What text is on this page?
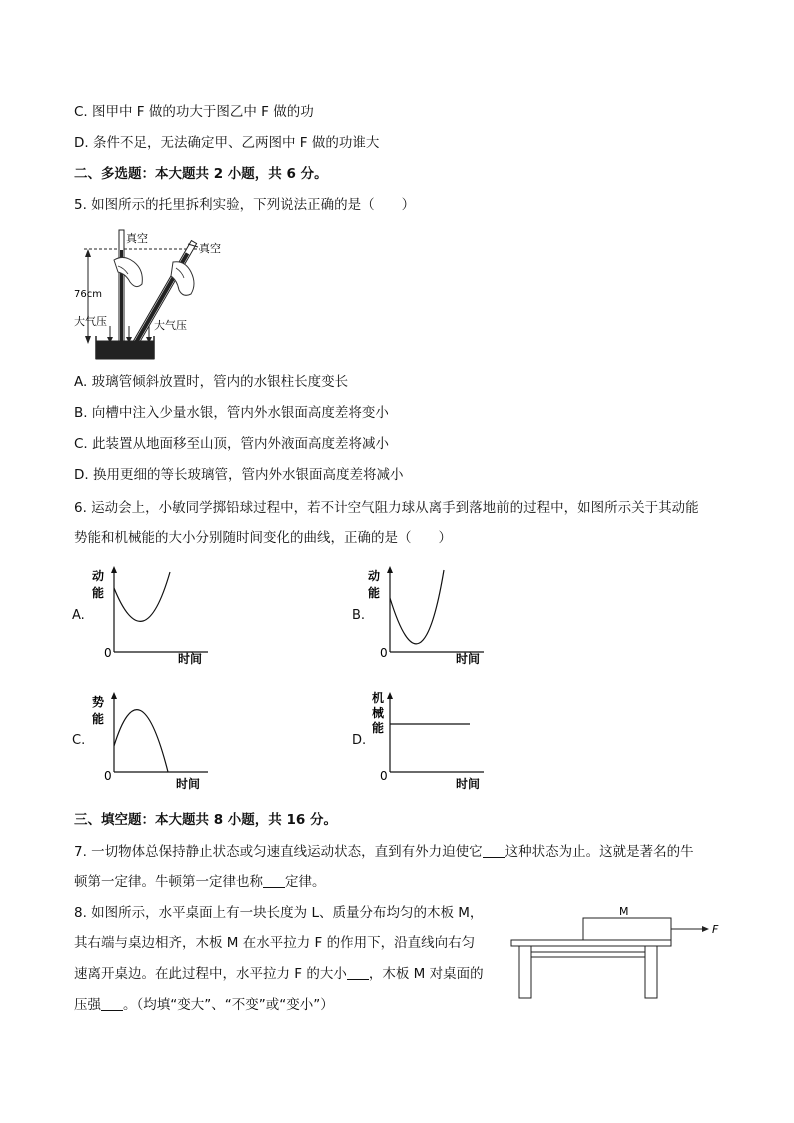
C. 图甲中 F 做的功大于图乙中 F 做的功
D. 条件不足，无法确定甲、乙两图中 F 做的功谁大
二、多选题：本大题共 2 小题，共 6 分。
5. 如图所示的托里拆利实验，下列说法正确的是（　　）
76cm
真空
真空
大气压	大气压
A. 玻璃管倾斜放置时，管内的水银柱长度变长
B. 向槽中注入少量水银，管内外水银面高度差将变小
C. 此装置从地面移至山顶，管内外液面高度差将减小
D. 换用更细的等长玻璃管，管内外水银面高度差将减小
6. 运动会上，小敏同学掷铅球过程中，若不计空气阻力球从离手到落地前的过程中，如图所示关于其动能
势能和机械能的大小分别随时间变化的曲线，正确的是（　　）
A.
动
能
0	时间
B.
动
能
0	时间
C.
势
能
0
时间
D.
机
械
能
0
时间
三、填空题：本大题共 8 小题，共 16 分。
7. 一切物体总保持静止状态或匀速直线运动状态，直到有外力迫使它 这种状态为止。这就是著名的牛
顿第一定律。牛顿第一定律也称 定律。
8. 如图所示，水平桌面上有一块长度为 L、质量分布均匀的木板 M，
其右端与桌边相齐，木板 M 在水平拉力 F 的作用下，沿直线向右匀
速离开桌边。在此过程中，水平拉力 F 的大小 ，木板 M 对桌面的
压强 。（均填“变大”、“不变”或“变小”）
M
F
